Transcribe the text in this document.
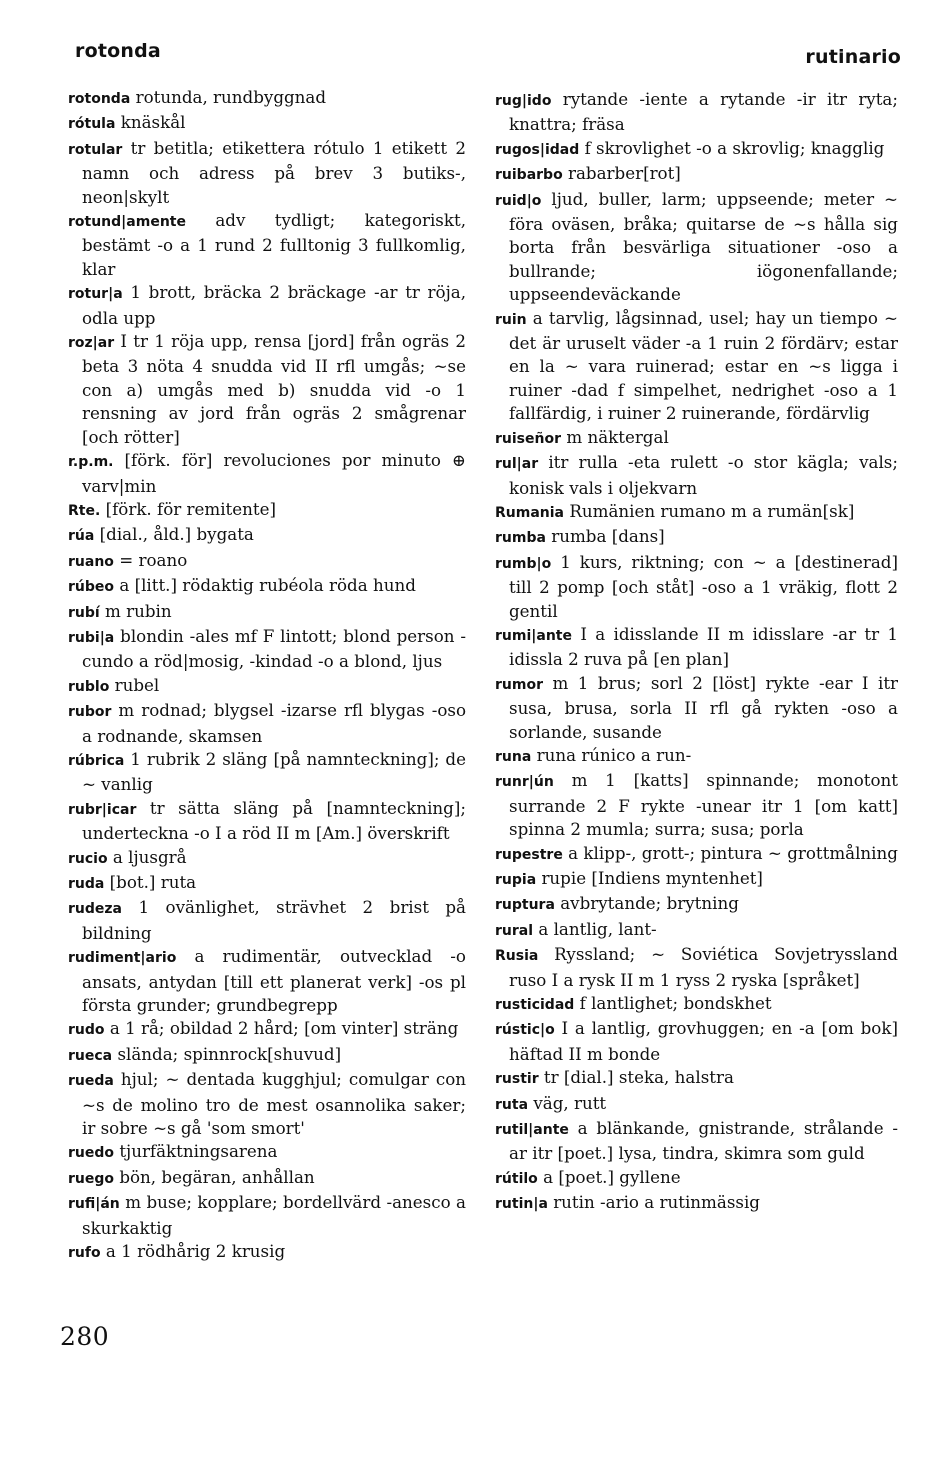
rotonda	rutinario
rotonda rotunda, rundbyggnad
rótula knäskål
rotular tr betitla; etikettera rótulo 1 etikett 2 namn och adress på brev 3 butiks-, neon|skylt
rotund|amente adv tydligt; kategoriskt, bestämt -o a 1 rund 2 fulltonig 3 fullkomlig, klar
rotur|a 1 brott, bräcka 2 bräckage -ar tr röja, odla upp
roz|ar I tr 1 röja upp, rensa [jord] från ogräs 2 beta 3 nöta 4 snudda vid II rfl umgås; ~se con a) umgås med b) snudda vid -o 1 rensning av jord från ogräs 2 smågrenar [och rötter]
r.p.m. [förk. för] revoluciones por minuto ⊕ varv|min
Rte. [förk. för remitente]
rúa [dial., åld.] bygata
ruano = roano
rúbeo a [litt.] rödaktig rubéola röda hund
rubí m rubin
rubi|a blondin -ales mf F lintott; blond person -cundo a röd|mosig, -kindad -o a blond, ljus
rublo rubel
rubor m rodnad; blygsel -izarse rfl blygas -oso a rodnande, skamsen
rúbrica 1 rubrik 2 släng [på namnteckning]; de ~ vanlig
rubr|icar tr sätta släng på [namnteckning]; underteckna -o I a röd II m [Am.] överskrift
rucio a ljusgrå
ruda [bot.] ruta
rudeza 1 ovänlighet, strävhet 2 brist på bildning
rudiment|ario a rudimentär, outvecklad -o ansats, antydan [till ett planerat verk] -os pl första grunder; grundbegrepp
rudo a 1 rå; obildad 2 hård; [om vinter] sträng
rueca slända; spinnrock[shuvud]
rueda hjul; ~ dentada kugghjul; comulgar con ~s de molino tro de mest osannolika saker; ir sobre ~s gå 'som smort'
ruedo tjurfäktningsarena
ruego bön, begäran, anhållan
rufi|án m buse; kopplare; bordellvärd -anesco a skurkaktig
rufo a 1 rödhårig 2 krusig
rug|ido rytande -iente a rytande -ir itr ryta; knattra; fräsa
rugos|idad f skrovlighet -o a skrovlig; knagglig
ruibarbo rabarber[rot]
ruid|o ljud, buller, larm; uppseende; meter ~ föra oväsen, bråka; quitarse de ~s hålla sig borta från besvärliga situationer -oso a bullrande; iögonenfallande; uppseendeväckande
ruin a tarvlig, lågsinnad, usel; hay un tiempo ~ det är uruselt väder -a 1 ruin 2 fördärv; estar en la ~ vara ruinerad; estar en ~s ligga i ruiner -dad f simpelhet, nedrighet -oso a 1 fallfärdig, i ruiner 2 ruinerande, fördärvlig
ruiseñor m näktergal
rul|ar itr rulla -eta rulett -o stor kägla; vals; konisk vals i oljekvarn
Rumania Rumänien rumano m a rumän[sk]
rumba rumba [dans]
rumb|o 1 kurs, riktning; con ~ a [destinerad] till 2 pomp [och ståt] -oso a 1 vräkig, flott 2 gentil
rumi|ante I a idisslande II m idisslare -ar tr 1 idissla 2 ruva på [en plan]
rumor m 1 brus; sorl 2 [löst] rykte -ear I itr susa, brusa, sorla II rfl gå rykten -oso a sorlande, susande
runa runa rúnico a run-
runr|ún m 1 [katts] spinnande; monotont surrande 2 F rykte -unear itr 1 [om katt] spinna 2 mumla; surra; susa; porla
rupestre a klipp-, grott-; pintura ~ grottmålning
rupia rupie [Indiens myntenhet]
ruptura avbrytande; brytning
rural a lantlig, lant-
Rusia Ryssland; ~ Soviética Sovjetryssland ruso I a rysk II m 1 ryss 2 ryska [språket]
rusticidad f lantlighet; bondskhet
rústic|o I a lantlig, grovhuggen; en -a [om bok] häftad II m bonde
rustir tr [dial.] steka, halstra
ruta väg, rutt
rutil|ante a blänkande, gnistrande, strålande -ar itr [poet.] lysa, tindra, skimra som guld
rútilo a [poet.] gyllene
rutin|a rutin -ario a rutinmässig
280
